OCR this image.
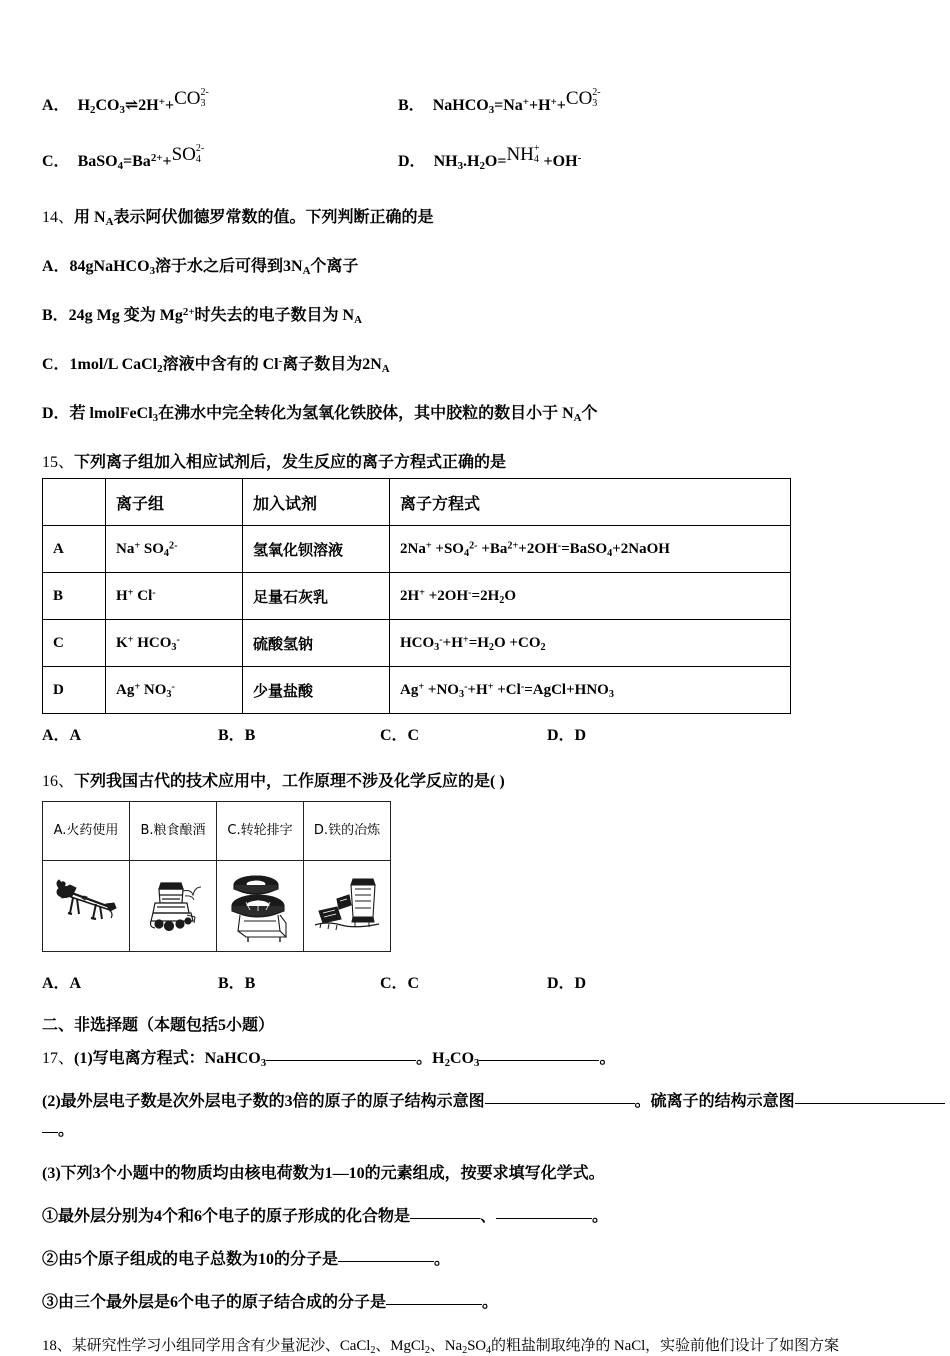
A．  $H_2CO_3\rightleftharpoons 2H^++CO$ 2-
3	B．  NaHCO$_3$=Na++H++CO 2-
3
C．  $BaSO_4=Ba^{2+}+SO$ 2-
4	D．  $NH_3.H_2O=NH$ +
4 +OH-
14、用 $N_A$表示阿伏伽德罗常数的值。下列判断正确的是
A．84gNaHCO$_3$溶于水之后可得到$3N_A$个离子
B．24g Mg 变为 $Mg^{2+}$时失去的电子数目为 $N_A$
C．1mol/L CaCl$_2$溶液中含有的 Cl-离子数目为$2N_A$
D．若 lmolFeCl$_3$在沸水中完全转化为氢氧化铁胶体，其中胶粒的数目小于 $N_A$个
15、下列离子组加入相应试剂后，发生反应的离子方程式正确的是
	离子组	加入试剂	离子方程式
A	Na+ $SO_4^{2-}$	氢氧化钡溶液	$2Na^+ +SO_4^{2-}$ $+Ba^{2+}+2OH^-=BaSO_4+2NaOH$
B	H+ Cl-	足量石灰乳	$2H^+ +2OH^-=2H_2O$
C	K+ $HCO_3^-$	硫酸氢钠	$HCO_3^-+H^+=H_2O +CO_2$
D	Ag+ $NO_3^-$	少量盐酸	$Ag^+ +NO_3^-+H^+$ $+Cl^-=AgCl+HNO_3$
A．A	B．B	C．C	D．D
16、下列我国古代的技术应用中，工作原理不涉及化学反应的是( )
A.火药使用	B.粮食酿酒	C.转轮排字	D.铁的冶炼

A．A	B．B	C．C	D．D
二、非选择题（本题包括5小题）
17、(1)写电离方程式：NaHCO$_3$	。$H_2CO_3$	。
(2)最外层电子数是次外层电子数的3倍的原子的原子结构示意图	。硫离子的结构示意图
。
(3)下列3个小题中的物质均由核电荷数为1—10的元素组成，按要求填写化学式。
①最外层分别为4个和6个电子的原子形成的化合物是	、	。
②由5个原子组成的电子总数为10的分子是	。
③由三个最外层是6个电子的原子结合成的分子是	。
18、某研究性学习小组同学用含有少量泥沙、CaCl$_2$、MgCl$_2$、$Na_2SO_4$的粗盐制取纯净的 NaCl，实验前他们设计了如图方案
